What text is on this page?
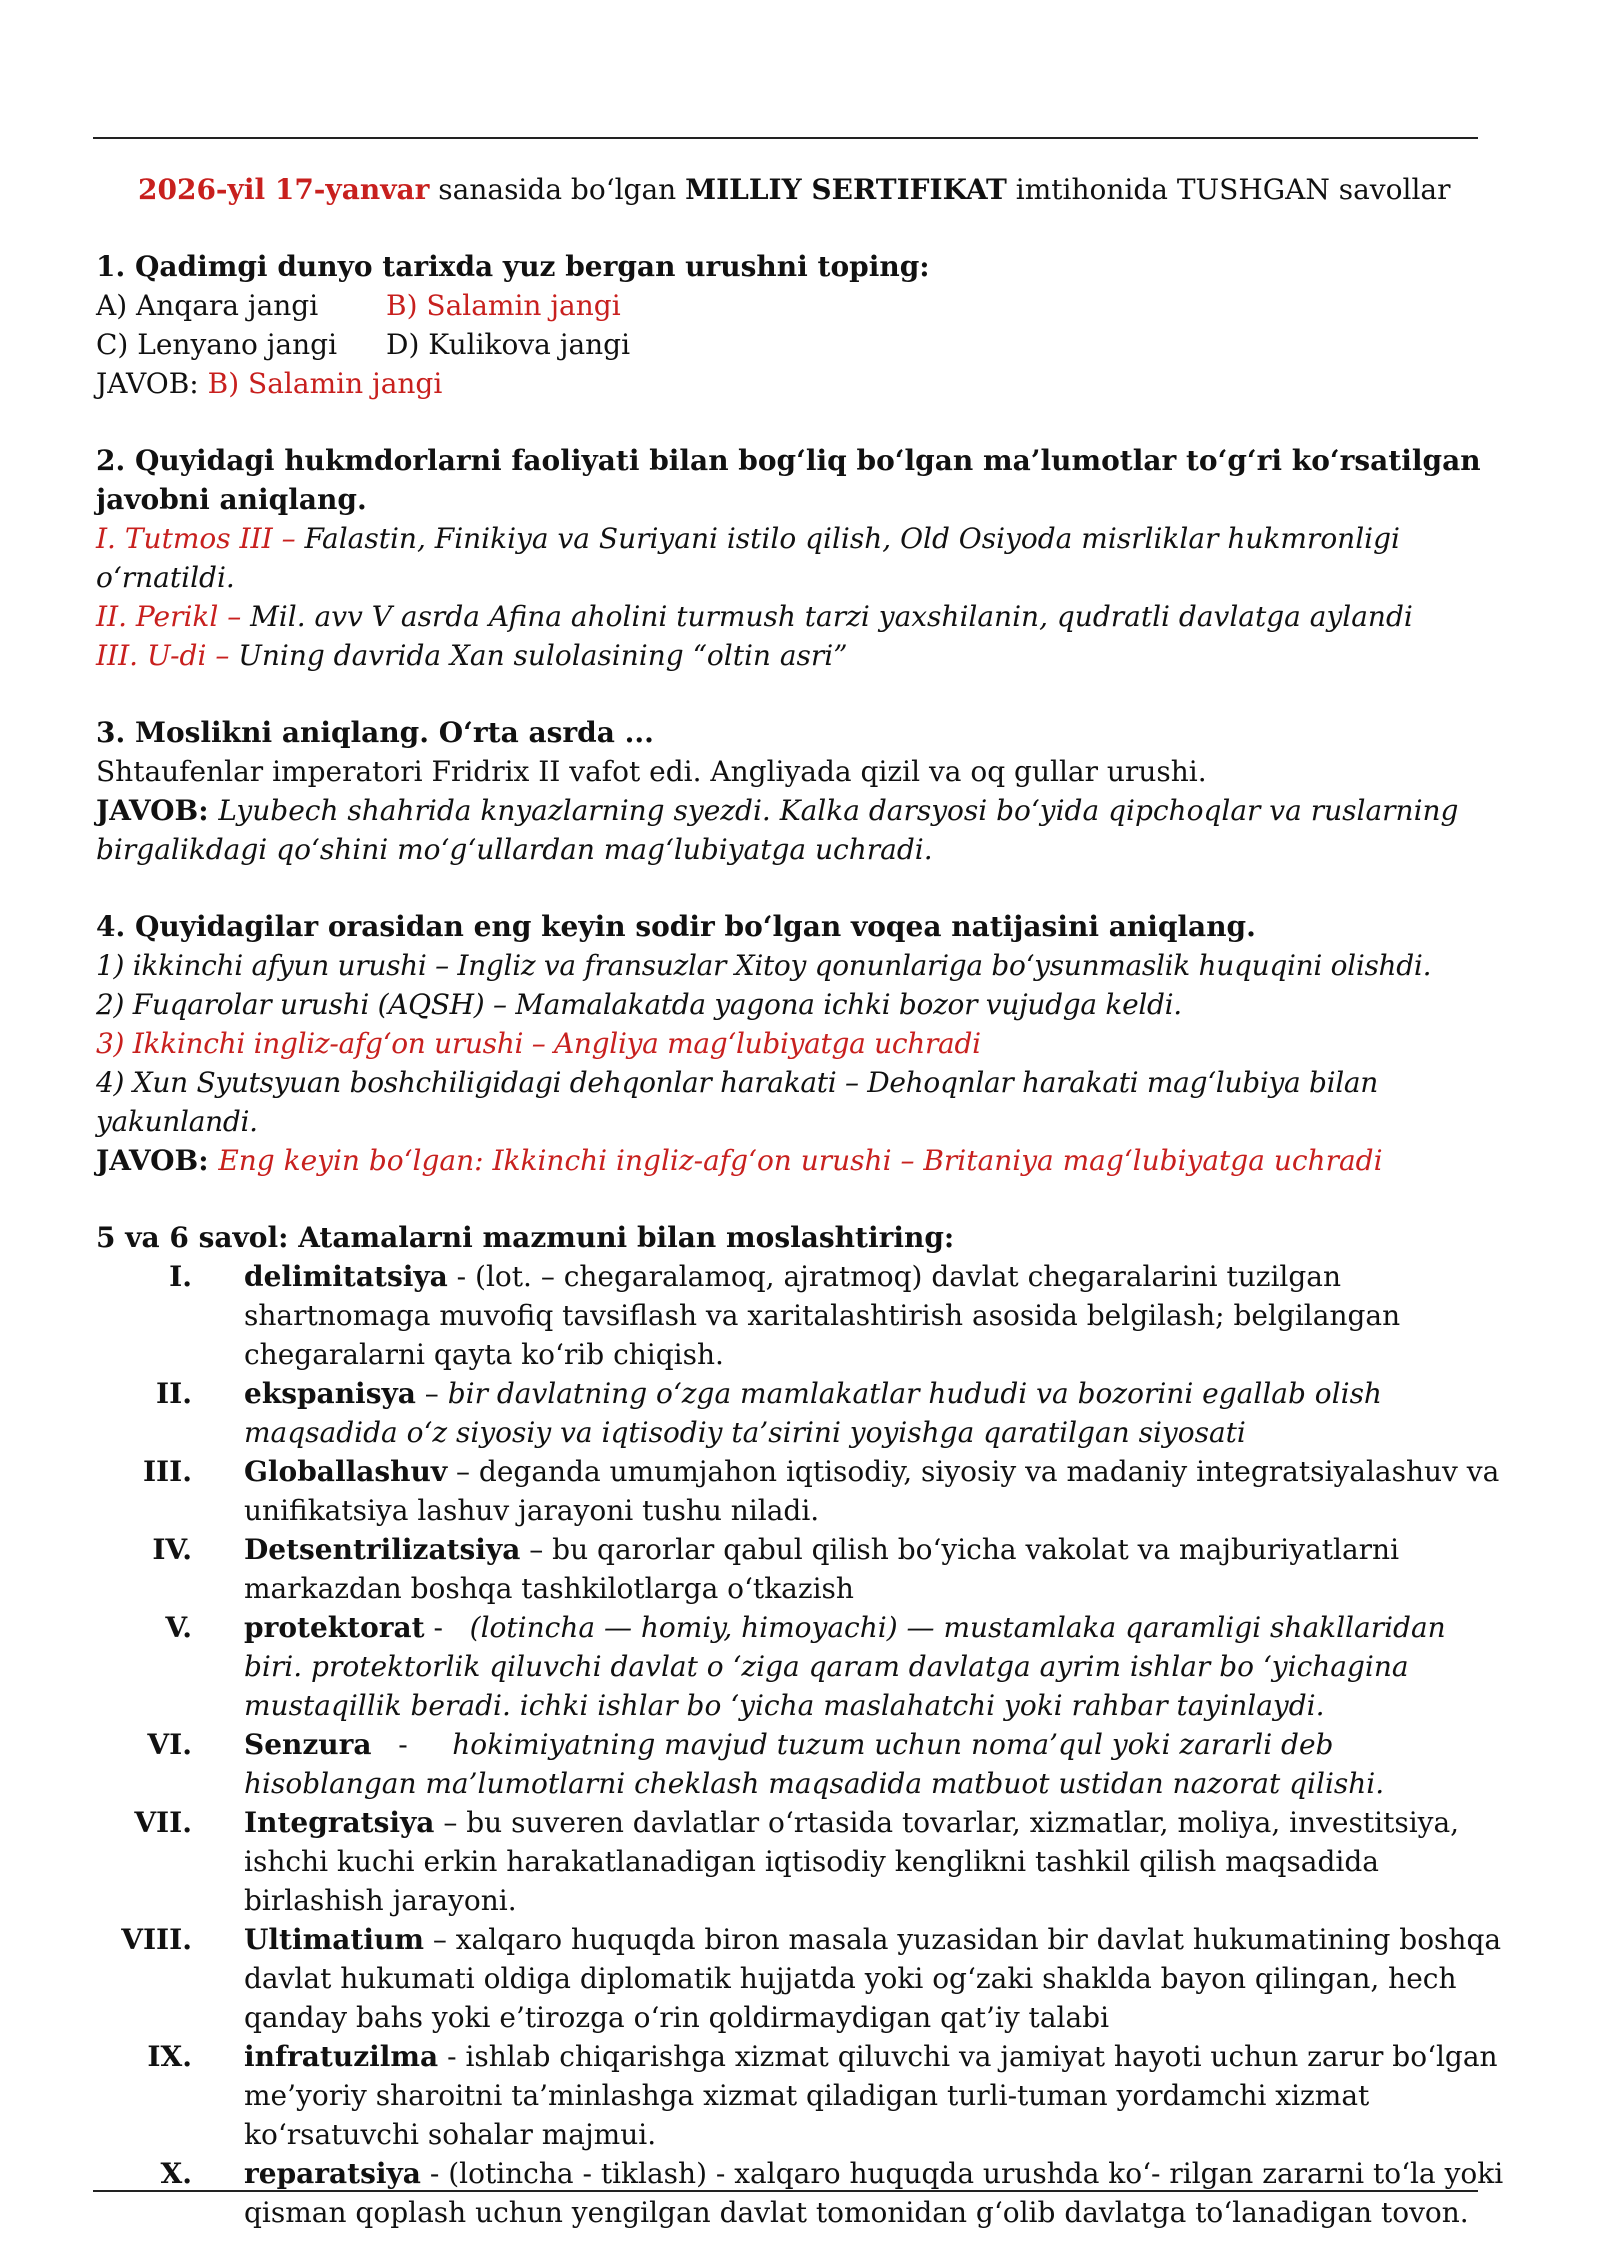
2026-yil 17-yanvar sanasida bo‘lgan MILLIY SERTIFIKAT imtihonida TUSHGAN savollar
1. Qadimgi dunyo tarixda yuz bergan urushni toping:
A) Anqara jangi	B) Salamin jangi
C) Lenyano jangi	D) Kulikova jangi
JAVOB: B) Salamin jangi
2. Quyidagi hukmdorlarni faoliyati bilan bog‘liq bo‘lgan ma’lumotlar to‘g‘ri ko‘rsatilgan javobni aniqlang.
I. Tutmos III – Falastin, Finikiya va Suriyani istilo qilish, Old Osiyoda misrliklar hukmronligi o‘rnatildi.
II. Perikl – Mil. avv V asrda Afina aholini turmush tarzi yaxshilanin, qudratli davlatga aylandi
III. U-di – Uning davrida Xan sulolasining “oltin asri”
3. Moslikni aniqlang. O‘rta asrda ...
Shtaufenlar imperatori Fridrix II vafot edi. Angliyada qizil va oq gullar urushi.
JAVOB: Lyubech shahrida knyazlarning syezdi. Kalka darsyosi bo‘yida qipchoqlar va ruslarning birgalikdagi qo‘shini mo‘g‘ullardan mag‘lubiyatga uchradi.
4. Quyidagilar orasidan eng keyin sodir bo‘lgan voqea natijasini aniqlang.
1) ikkinchi afyun urushi – Ingliz va fransuzlar Xitoy qonunlariga bo‘ysunmaslik huquqini olishdi.
2) Fuqarolar urushi (AQSH) – Mamalakatda yagona ichki bozor vujudga keldi.
3) Ikkinchi ingliz-afg‘on urushi – Angliya mag‘lubiyatga uchradi
4) Xun Syutsyuan boshchiligidagi dehqonlar harakati – Dehoqnlar harakati mag‘lubiya bilan yakunlandi.
JAVOB: Eng keyin bo‘lgan: Ikkinchi ingliz-afg‘on urushi – Britaniya mag‘lubiyatga uchradi
5 va 6 savol: Atamalarni mazmuni bilan moslashtiring:
I. delimitatsiya - (lot. – chegaralamoq, ajratmoq) davlat chegaralarini tuzilgan shartnomaga muvofiq tavsiflash va xaritalashtirish asosida belgilash; belgilangan chegaralarni qayta ko‘rib chiqish.
II. ekspanisya – bir davlatning o‘zga mamlakatlar hududi va bozorini egallab olish maqsadida o‘z siyosiy va iqtisodiy ta’sirini yoyishga qaratilgan siyosati
III. Globallashuv – deganda umumjahon iqtisodiy, siyosiy va madaniy integratsiyalashuv va unifikatsiya lashuv jarayoni tushu niladi.
IV. Detsentrilizatsiya – bu qarorlar qabul qilish bo‘yicha vakolat va majburiyatlarni markazdan boshqa tashkilotlarga o‘tkazish
V. protektorat -   (lotincha — homiy, himoyachi) — mustamlaka qaramligi shakllaridan biri. protektorlik qiluvchi davlat o ‘ziga qaram davlatga ayrim ishlar bo ‘yichagina mustaqillik beradi. ichki ishlar bo ‘yicha maslahatchi yoki rahbar tayinlaydi.
VI. Senzura   -     hokimiyatning mavjud tuzum uchun noma’qul yoki zararli deb hisoblangan ma’lumotlarni cheklash maqsadida matbuot ustidan nazorat qilishi.
VII. Integratsiya – bu suveren davlatlar o‘rtasida tovarlar, xizmatlar, moliya, investitsiya, ishchi kuchi erkin harakatlanadigan iqtisodiy kenglikni tashkil qilish maqsadida birlashish jarayoni.
VIII. Ultimatium – xalqaro huquqda biron masala yuzasidan bir davlat hukumatining boshqa davlat hukumati oldiga diplomatik hujjatda yoki og‘zaki shaklda bayon qilingan, hech qanday bahs yoki e’tirozga o‘rin qoldirmaydigan qat’iy talabi
IX. infratuzilma - ishlab chiqarishga xizmat qiluvchi va jamiyat hayoti uchun zarur bo‘lgan me’yoriy sharoitni ta’minlashga xizmat qiladigan turli-tuman yordamchi xizmat ko‘rsatuvchi sohalar majmui.
X. reparatsiya - (lotincha - tiklash) - xalqaro huquqda urushda ko‘- rilgan zararni to‘la yoki qisman qoplash uchun yengilgan davlat tomonidan g‘olib davlatga to‘lanadigan tovon.
